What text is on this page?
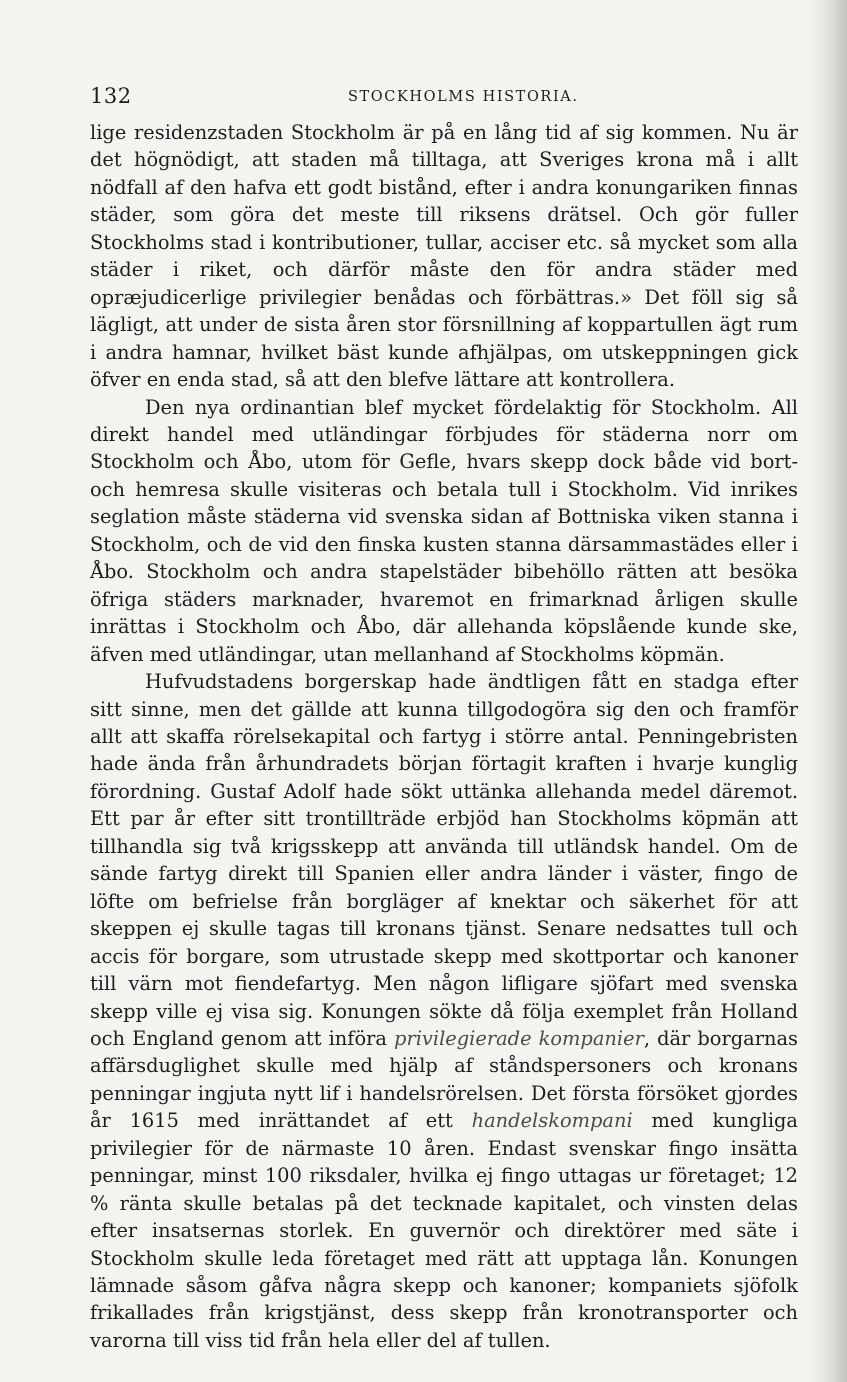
132	STOCKHOLMS HISTORIA.

lige residenzstaden Stockholm är på en lång tid af sig kommen. Nu är det högnödigt, att staden må tilltaga, att Sveriges krona må i allt nödfall af den hafva ett godt bistånd, efter i andra konungariken finnas städer, som göra det meste till riksens drätsel. Och gör fuller Stockholms stad i kontributioner, tullar, acciser etc. så mycket som alla städer i riket, och därför måste den för andra städer med opræjudicerlige privilegier benådas och förbättras.» Det föll sig så lägligt, att under de sista åren stor försnillning af koppartullen ägt rum i andra hamnar, hvilket bäst kunde afhjälpas, om utskeppningen gick öfver en enda stad, så att den blefve lättare att kontrollera.

Den nya ordinantian blef mycket fördelaktig för Stockholm. All direkt handel med utländingar förbjudes för städerna norr om Stockholm och Åbo, utom för Gefle, hvars skepp dock både vid bort- och hemresa skulle visiteras och betala tull i Stockholm. Vid inrikes seglation måste städerna vid svenska sidan af Bottniska viken stanna i Stockholm, och de vid den finska kusten stanna därsammastädes eller i Åbo. Stockholm och andra stapelstäder bibehöllo rätten att besöka öfriga städers marknader, hvaremot en frimarknad årligen skulle inrättas i Stockholm och Åbo, där allehanda köpslående kunde ske, äfven med utländingar, utan mellanhand af Stockholms köpmän.

Hufvudstadens borgerskap hade ändtligen fått en stadga efter sitt sinne, men det gällde att kunna tillgodogöra sig den och framför allt att skaffa rörelsekapital och fartyg i större antal. Penningebristen hade ända från århundradets början förtagit kraften i hvarje kunglig förordning. Gustaf Adolf hade sökt uttänka allehanda medel däremot. Ett par år efter sitt trontillträde erbjöd han Stockholms köpmän att tillhandla sig två krigsskepp att använda till utländsk handel. Om de sände fartyg direkt till Spanien eller andra länder i väster, fingo de löfte om befrielse från borgläger af knektar och säkerhet för att skeppen ej skulle tagas till kronans tjänst. Senare nedsattes tull och accis för borgare, som utrustade skepp med skottportar och kanoner till värn mot fiendefartyg. Men någon lifligare sjöfart med svenska skepp ville ej visa sig. Konungen sökte då följa exemplet från Holland och England genom att införa privilegierade kompanier, där borgarnas affärsduglighet skulle med hjälp af ståndspersoners och kronans penningar ingjuta nytt lif i handelsrörelsen. Det första försöket gjordes år 1615 med inrättandet af ett handelskompani med kungliga privilegier för de närmaste 10 åren. Endast svenskar fingo insätta penningar, minst 100 riksdaler, hvilka ej fingo uttagas ur företaget; 12 % ränta skulle betalas på det tecknade kapitalet, och vinsten delas efter insatsernas storlek. En guvernör och direktörer med säte i Stockholm skulle leda företaget med rätt att upptaga lån. Konungen lämnade såsom gåfva några skepp och kanoner; kompaniets sjöfolk frikallades från krigstjänst, dess skepp från kronotransporter och varorna till viss tid från hela eller del af tullen.
